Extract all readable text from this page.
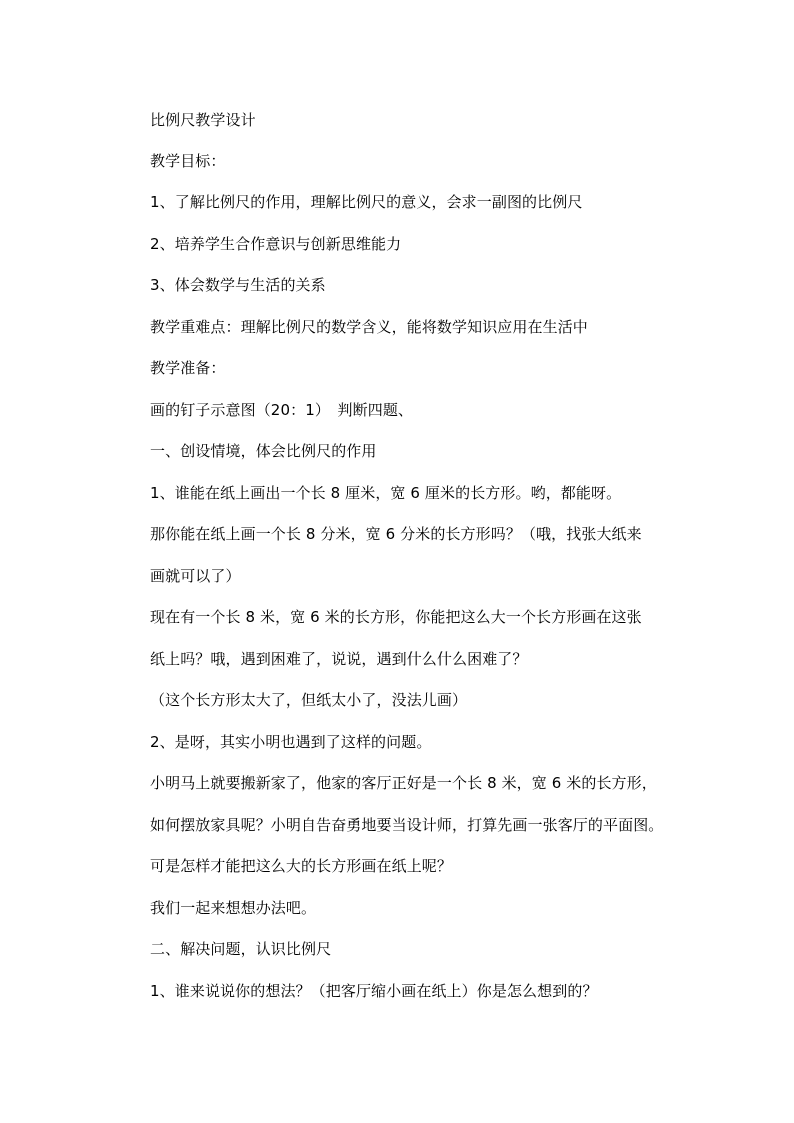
比例尺教学设计
教学目标：
1、了解比例尺的作用，理解比例尺的意义，会求一副图的比例尺
2、培养学生合作意识与创新思维能力
3、体会数学与生活的关系
教学重难点：理解比例尺的数学含义，能将数学知识应用在生活中
教学准备：
画的钉子示意图（20：1）　判断四题、
一、创设情境，体会比例尺的作用
1、谁能在纸上画出一个长 8 厘米，宽 6 厘米的长方形。哟，都能呀。
那你能在纸上画一个长 8 分米，宽 6 分米的长方形吗？（哦，找张大纸来
画就可以了）
现在有一个长 8 米，宽 6 米的长方形，你能把这么大一个长方形画在这张
纸上吗？哦，遇到困难了，说说，遇到什么什么困难了？
（这个长方形太大了，但纸太小了，没法儿画）
2、是呀，其实小明也遇到了这样的问题。
小明马上就要搬新家了，他家的客厅正好是一个长 8 米，宽 6 米的长方形，
如何摆放家具呢？小明自告奋勇地要当设计师，打算先画一张客厅的平面图。
可是怎样才能把这么大的长方形画在纸上呢？
我们一起来想想办法吧。
二、解决问题，认识比例尺
1、谁来说说你的想法？（把客厅缩小画在纸上）你是怎么想到的？
